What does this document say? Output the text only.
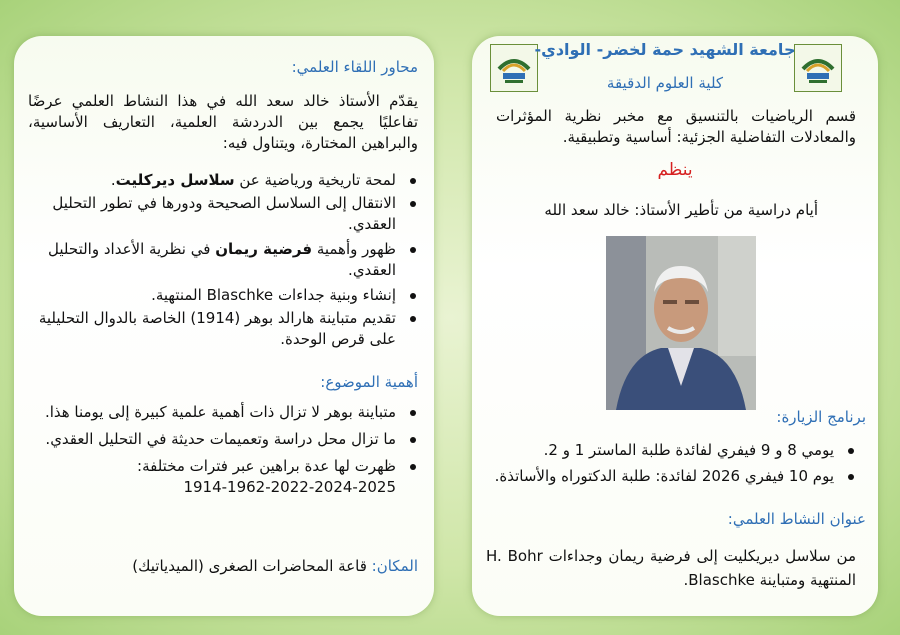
محاور اللقاء العلمي:
يقدّم الأستاذ خالد سعد الله في هذا النشاط العلمي عرضًا تفاعليًا يجمع بين الدردشة العلمية، التعاريف الأساسية، والبراهين المختارة، ويتناول فيه:
لمحة تاريخية ورياضية عن سلاسل ديركليت.
الانتقال إلى السلاسل الصحيحة ودورها في تطور التحليل العقدي.
ظهور وأهمية فرضية ريمان في نظرية الأعداد والتحليل العقدي.
إنشاء وبنية جداءات Blaschke المنتهية.
تقديم متباينة هارالد بوهر (1914) الخاصة بالدوال التحليلية على قرص الوحدة.
أهمية الموضوع:
متباينة بوهر لا تزال ذات أهمية علمية كبيرة إلى يومنا هذا.
ما تزال محل دراسة وتعميمات حديثة في التحليل العقدي.
ظهرت لها عدة براهين عبر فترات مختلفة:
1914-1962-2022-2024-2025
المكان: قاعة المحاضرات الصغرى (الميدياتيك)
جامعة الشهيد حمة لخضر- الوادي-
كلية العلوم الدقيقة
قسم الرياضيات بالتنسيق مع مخبر نظرية المؤثرات والمعادلات التفاضلية الجزئية: أساسية وتطبيقية.
ينظم
أيام دراسية من تأطير الأستاذ: خالد سعد الله
برنامج الزيارة:
يومي 8 و 9 فيفري لفائدة طلبة الماستر 1 و 2.
يوم 10 فيفري 2026 لفائدة: طلبة الدكتوراه والأساتذة.
عنوان النشاط العلمي:
من سلاسل ديريكليت إلى فرضية ريمان وجداءات H. Bohr المنتهية ومتباينة Blaschke.
